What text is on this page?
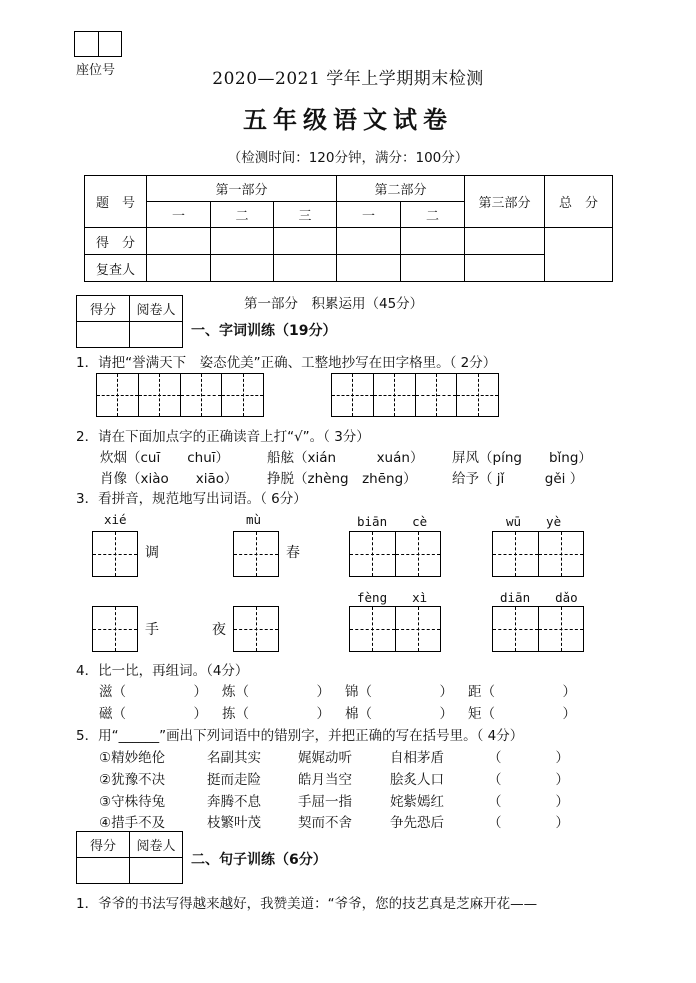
座位号	2020—2021 学年上学期期末检测
五年级语文试卷
（检测时间：120分钟，满分：100分）
题　号	第一部分			第二部分		第三部分	总　分
	一	二	三	一	二		
得　分							
复查人							
得分	阅卷人
		第一部分　积累运用（45分）
一、字词训练（19分）
1．请把“誉满天下　姿态优美”正确、工整地抄写在田字格里。（ 2分）
2．请在下面加点字的正确读音上打“√”。（ 3分）
炊烟（cuī　　chuī）	船舷（xián　　　xuán） 屏风（píng　　bǐng）
肖像（xiào　　xiāo） 挣脱（zhèng　zhēng）	给予（ jǐ　　　gěi ）
3．看拼音，规范地写出词语。（ 6分）
xié	mù	biān　　cè	wū　　yè
调	春
fèng　　xì	diān　　dǎo
手	夜
4．比一比，再组词。（4分）
滋（　　　　　） 炼（　　　　　） 锦（　　　　　） 距（　　　　　）
磁（　　　　　） 拣（　　　　　） 棉（　　　　　） 矩（　　　　　）
5．用“______”画出下列词语中的错别字，并把正确的写在括号里。（ 4分）
①精妙绝伦	名副其实	娓娓动听	自相茅盾	（　　　　）
②犹豫不决	挺而走险	皓月当空	脍炙人口	（　　　　）
③守株待兔	奔腾不息	手屈一指	姹紫嫣红	（　　　　）
④措手不及	枝繁叶茂	契而不舍	争先恐后	（　　　　）
得分	阅卷人

二、句子训练（6分）
1．爷爷的书法写得越来越好，我赞美道：“爷爷，您的技艺真是芝麻开花——
